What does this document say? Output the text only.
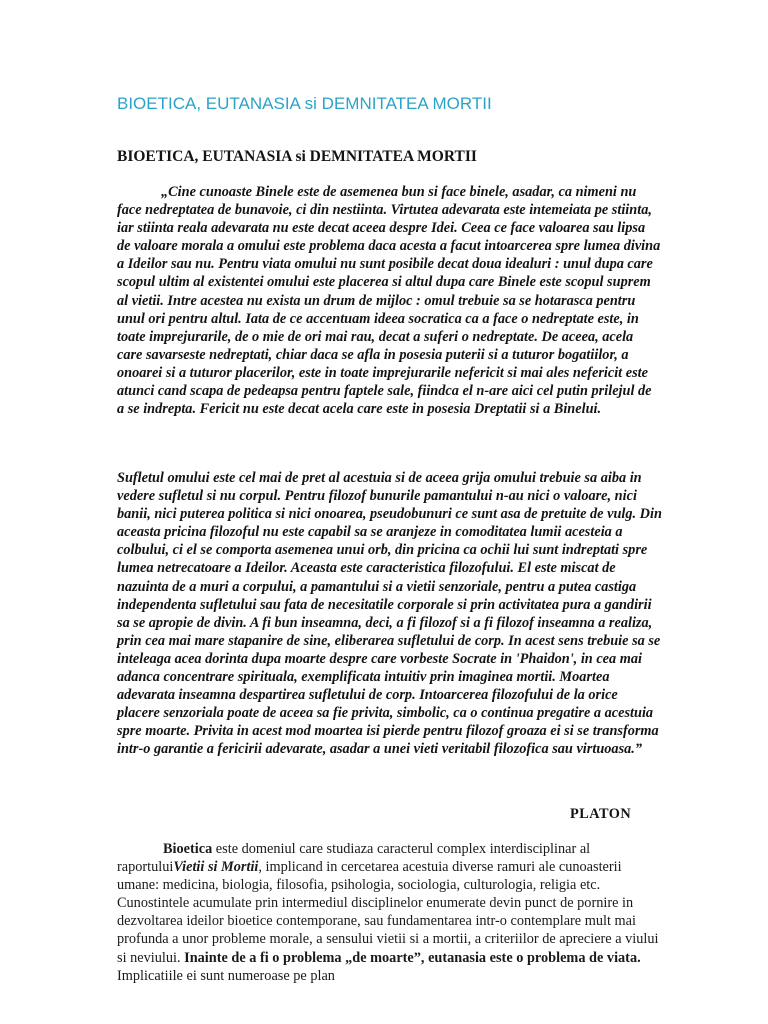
BIOETICA, EUTANASIA si DEMNITATEA MORTII

BIOETICA, EUTANASIA si DEMNITATEA MORTII

„Cine cunoaste Binele este de asemenea bun si face binele, asadar, ca nimeni nu face nedreptatea de bunavoie, ci din nestiinta. Virtutea adevarata este intemeiata pe stiinta, iar stiinta reala adevarata nu este decat aceea despre Idei. Ceea ce face valoarea sau lipsa de valoare morala a omului este problema daca acesta a facut intoarcerea spre lumea divina a Ideilor sau nu. Pentru viata omului nu sunt posibile decat doua idealuri : unul dupa care scopul ultim al existentei omului este placerea si altul dupa care Binele este scopul suprem al vietii. Intre acestea nu exista un drum de mijloc : omul trebuie sa se hotarasca pentru unul ori pentru altul. Iata de ce accentuam ideea socratica ca a face o nedreptate este, in toate imprejurarile, de o mie de ori mai rau, decat a suferi o nedreptate. De aceea, acela care savarseste nedreptati, chiar daca se afla in posesia puterii si a tuturor bogatiilor, a onoarei si a tuturor placerilor, este in toate imprejurarile nefericit si mai ales nefericit este atunci cand scapa de pedeapsa pentru faptele sale, fiindca el n-are aici cel putin prilejul de a se indrepta. Fericit nu este decat acela care este in posesia Dreptatii si a Binelui.

Sufletul omului este cel mai de pret al acestuia si de aceea grija omului trebuie sa aiba in vedere sufletul si nu corpul. Pentru filozof bunurile pamantului n-au nici o valoare, nici banii, nici puterea politica si nici onoarea, pseudobunuri ce sunt asa de pretuite de vulg. Din aceasta pricina filozoful nu este capabil sa se aranjeze in comoditatea lumii acesteia a colbului, ci el se comporta asemenea unui orb, din pricina ca ochii lui sunt indreptati spre lumea netrecatoare a Ideilor. Aceasta este caracteristica filozofului. El este miscat de nazuinta de a muri a corpului, a pamantului si a vietii senzoriale, pentru a putea castiga independenta sufletului sau fata de necesitatile corporale si prin activitatea pura a gandirii sa se apropie de divin. A fi bun inseamna, deci, a fi filozof si a fi filozof inseamna a realiza, prin cea mai mare stapanire de sine, eliberarea sufletului de corp. In acest sens trebuie sa se inteleaga acea dorinta dupa moarte despre care vorbeste Socrate in 'Phaidon', in cea mai adanca concentrare spirituala, exemplificata intuitiv prin imaginea mortii. Moartea adevarata inseamna despartirea sufletului de corp. Intoarcerea filozofului de la orice placere senzoriala poate de aceea sa fie privita, simbolic, ca o continua pregatire a acestuia spre moarte. Privita in acest mod moartea isi pierde pentru filozof groaza ei si se transforma intr-o garantie a fericirii adevarate, asadar a unei vieti veritabil filozofica sau virtuoasa.”

PLATON

Bioetica este domeniul care studiaza caracterul complex interdisciplinar al raportuluiVietii si Mortii, implicand in cercetarea acestuia diverse ramuri ale cunoasterii umane: medicina, biologia, filosofia, psihologia, sociologia, culturologia, religia etc. Cunostintele acumulate prin intermediul disciplinelor enumerate devin punct de pornire in dezvoltarea ideilor bioetice contemporane, sau fundamentarea intr-o contemplare mult mai profunda a unor probleme morale, a sensului vietii si a mortii, a criteriilor de apreciere a viului si neviului. Inainte de a fi o problema „de moarte”, eutanasia este o problema de viata. Implicatiile ei sunt numeroase pe plan
